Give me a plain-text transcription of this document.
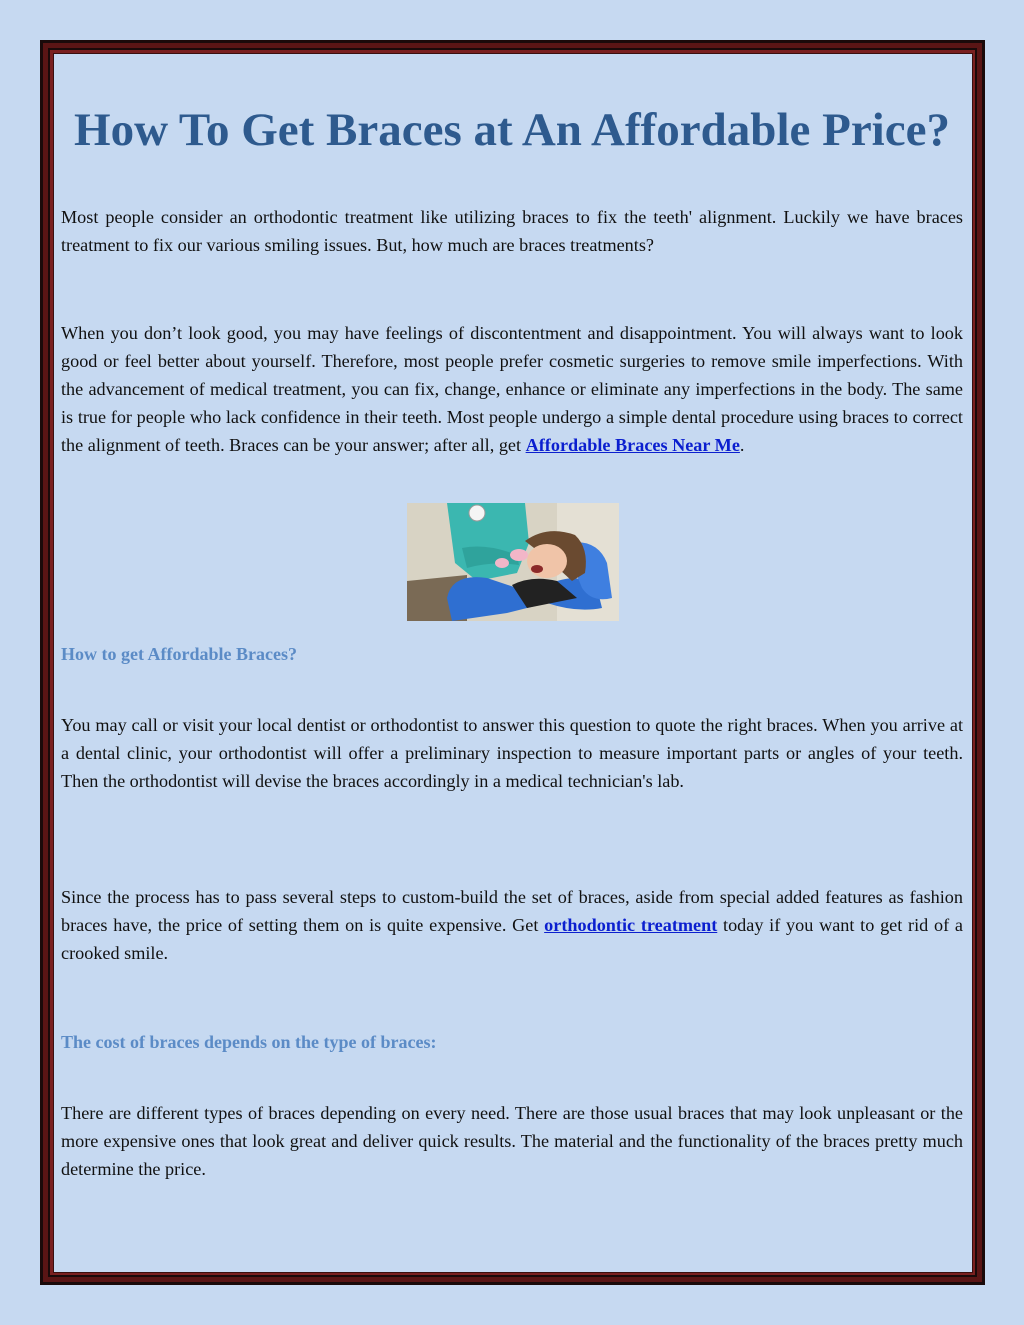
How To Get Braces at An Affordable Price?

Most people consider an orthodontic treatment like utilizing braces to fix the teeth' alignment. Luckily we have braces treatment to fix our various smiling issues. But, how much are braces treatments?

When you don’t look good, you may have feelings of discontentment and disappointment. You will always want to look good or feel better about yourself. Therefore, most people prefer cosmetic surgeries to remove smile imperfections. With the advancement of medical treatment, you can fix, change, enhance or eliminate any imperfections in the body. The same is true for people who lack confidence in their teeth. Most people undergo a simple dental procedure using braces to correct the alignment of teeth. Braces can be your answer; after all, get Affordable Braces Near Me.

How to get Affordable Braces?

You may call or visit your local dentist or orthodontist to answer this question to quote the right braces. When you arrive at a dental clinic, your orthodontist will offer a preliminary inspection to measure important parts or angles of your teeth. Then the orthodontist will devise the braces accordingly in a medical technician's lab.

Since the process has to pass several steps to custom-build the set of braces, aside from special added features as fashion braces have, the price of setting them on is quite expensive. Get orthodontic treatment today if you want to get rid of a crooked smile.

The cost of braces depends on the type of braces:

There are different types of braces depending on every need. There are those usual braces that may look unpleasant or the more expensive ones that look great and deliver quick results. The material and the functionality of the braces pretty much determine the price.
